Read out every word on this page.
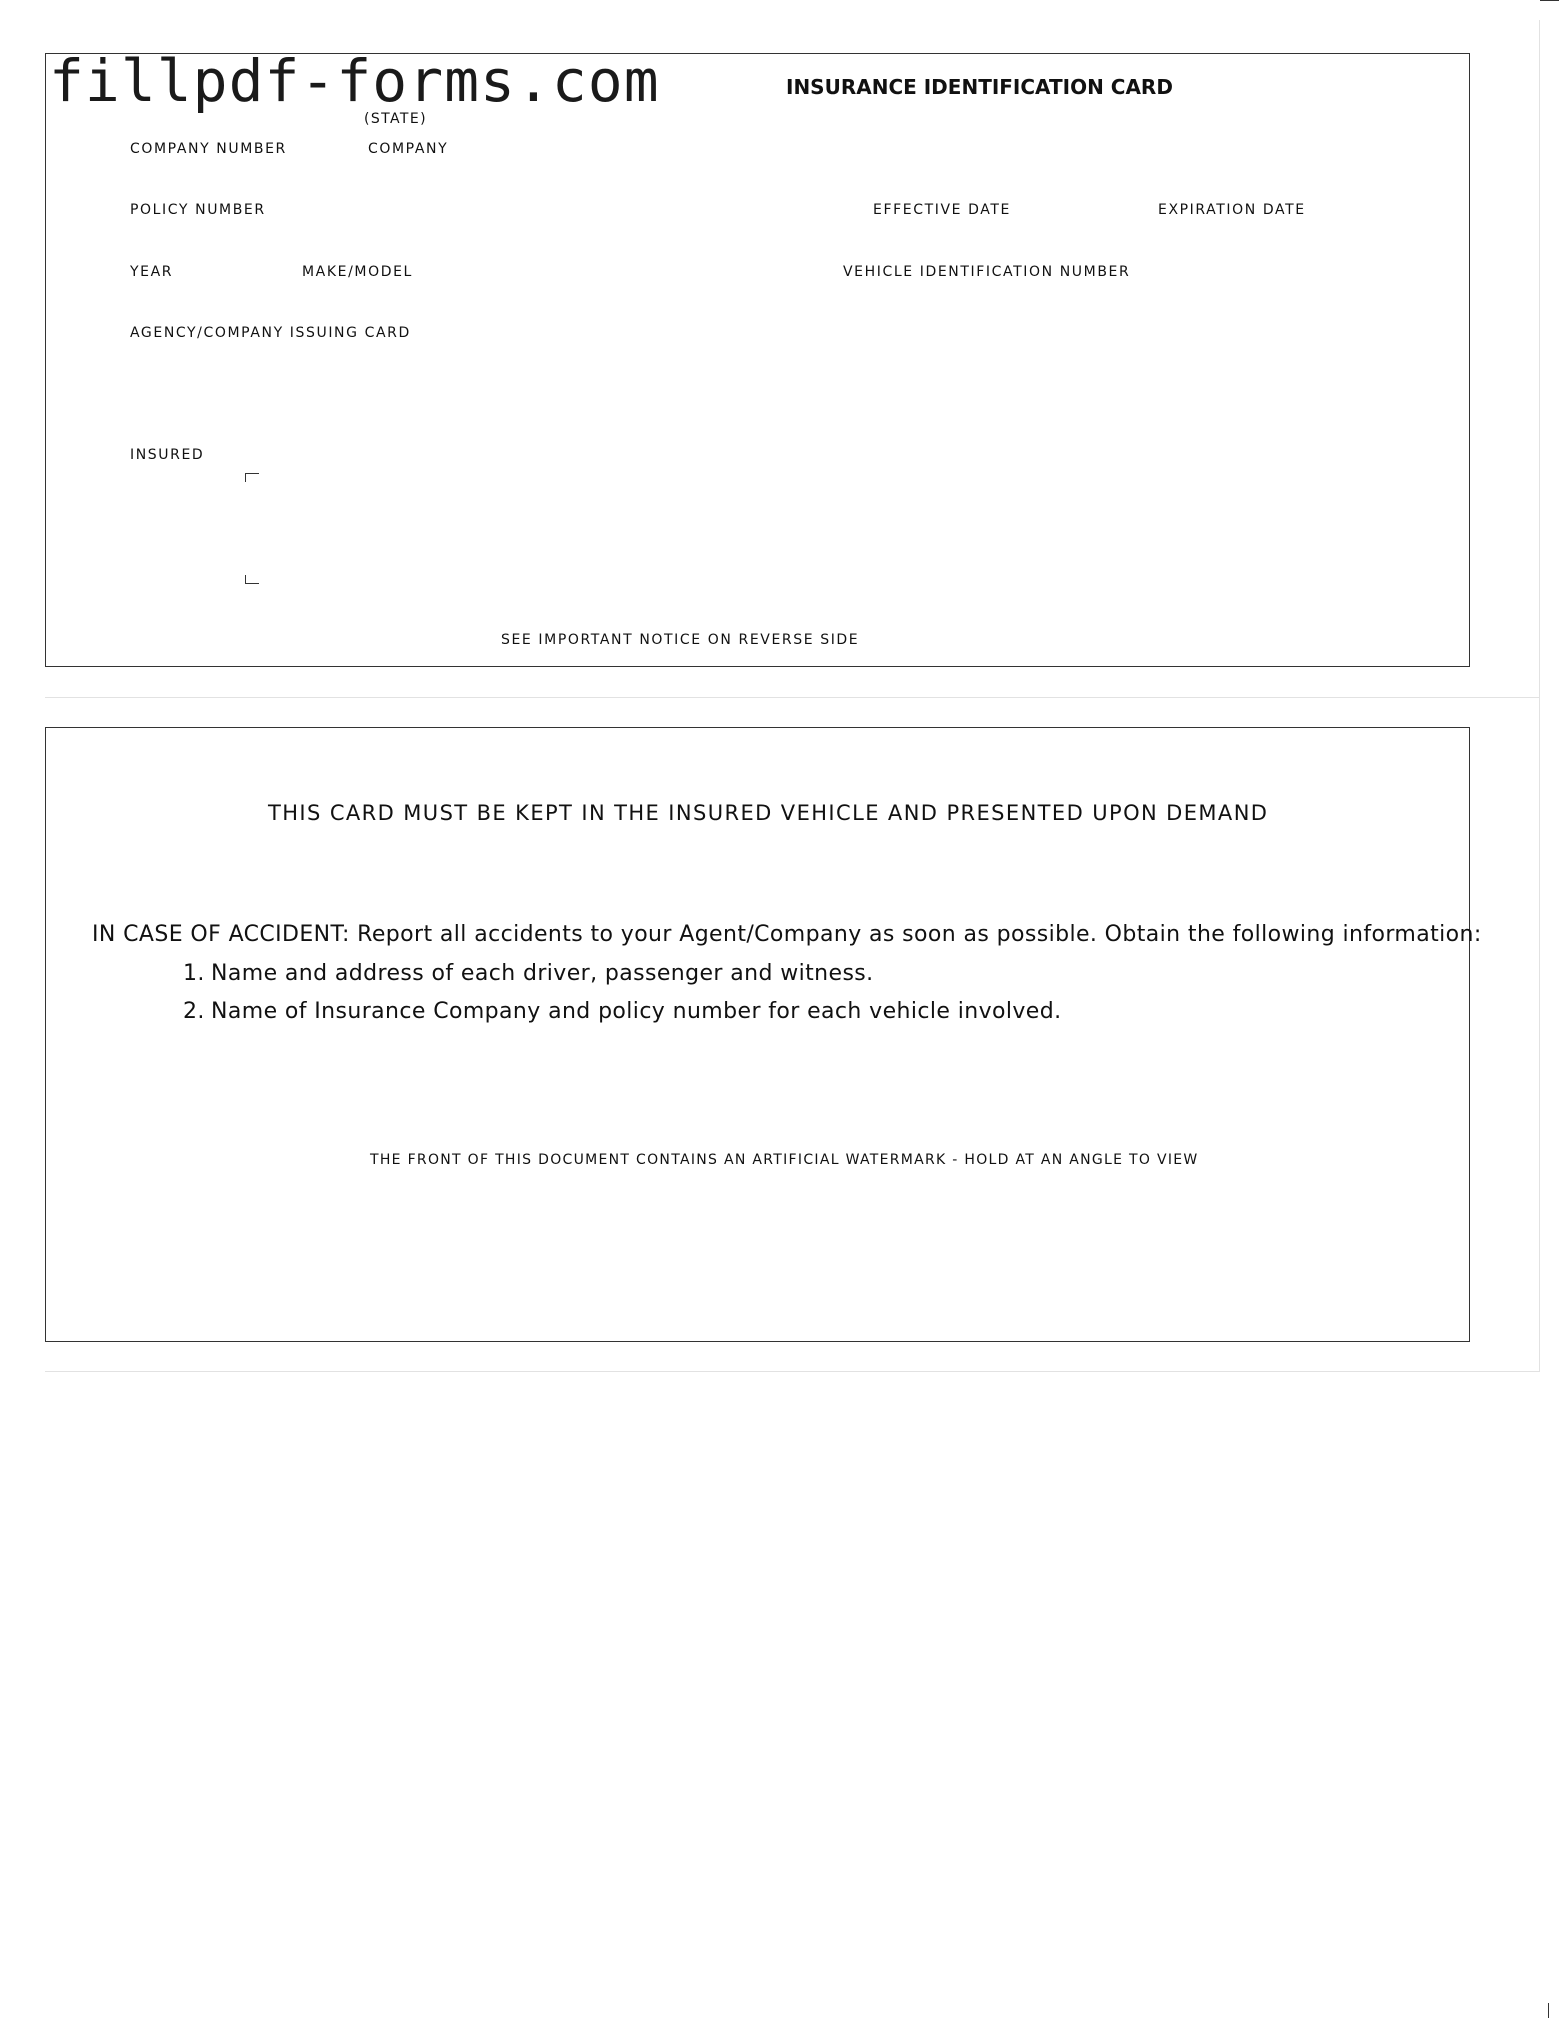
fillpdf-forms.com	INSURANCE IDENTIFICATION CARD
(STATE)
COMPANY NUMBER	COMPANY
POLICY NUMBER	EFFECTIVE DATE	EXPIRATION DATE
YEAR	MAKE/MODEL	VEHICLE IDENTIFICATION NUMBER
AGENCY/COMPANY ISSUING CARD
INSURED
SEE IMPORTANT NOTICE ON REVERSE SIDE
THIS CARD MUST BE KEPT IN THE INSURED VEHICLE AND PRESENTED UPON DEMAND
IN CASE OF ACCIDENT: Report all accidents to your Agent/Company as soon as possible. Obtain the following information:
1. Name and address of each driver, passenger and witness.
2. Name of Insurance Company and policy number for each vehicle involved.
THE FRONT OF THIS DOCUMENT CONTAINS AN ARTIFICIAL WATERMARK - HOLD AT AN ANGLE TO VIEW
